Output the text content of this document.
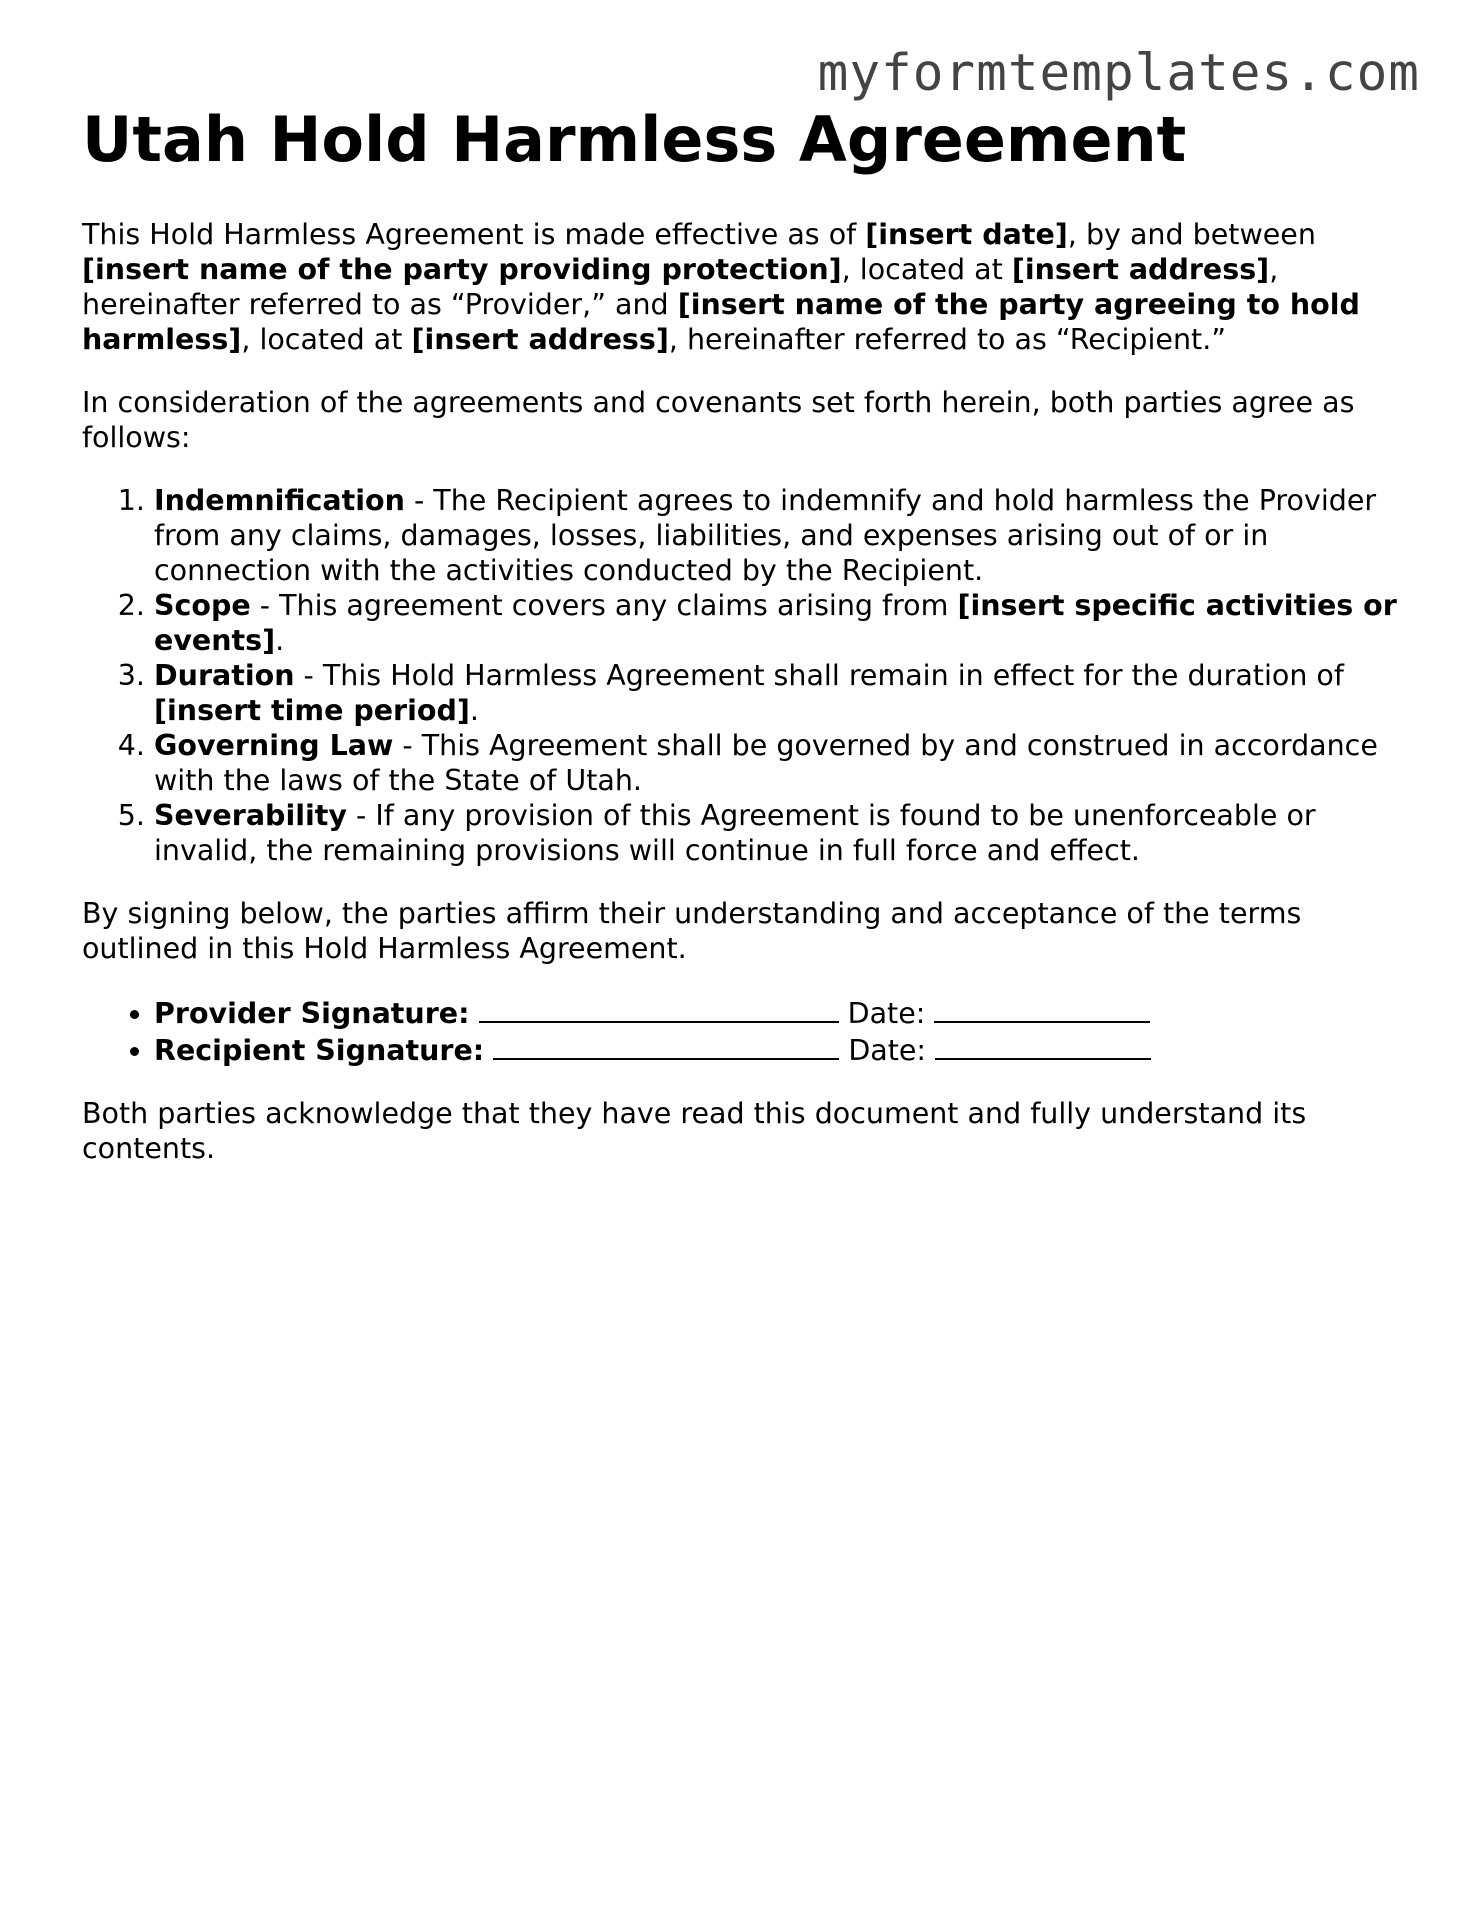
myformtemplates.com
Utah Hold Harmless Agreement

This Hold Harmless Agreement is made effective as of [insert date], by and between [insert name of the party providing protection], located at [insert address], hereinafter referred to as “Provider,” and [insert name of the party agreeing to hold harmless], located at [insert address], hereinafter referred to as “Recipient.”

In consideration of the agreements and covenants set forth herein, both parties agree as follows:

1. Indemnification - The Recipient agrees to indemnify and hold harmless the Provider from any claims, damages, losses, liabilities, and expenses arising out of or in connection with the activities conducted by the Recipient.
2. Scope - This agreement covers any claims arising from [insert specific activities or events].
3. Duration - This Hold Harmless Agreement shall remain in effect for the duration of [insert time period].
4. Governing Law - This Agreement shall be governed by and construed in accordance with the laws of the State of Utah.
5. Severability - If any provision of this Agreement is found to be unenforceable or invalid, the remaining provisions will continue in full force and effect.

By signing below, the parties affirm their understanding and acceptance of the terms outlined in this Hold Harmless Agreement.

• Provider Signature:	Date:
• Recipient Signature:	Date:

Both parties acknowledge that they have read this document and fully understand its contents.
